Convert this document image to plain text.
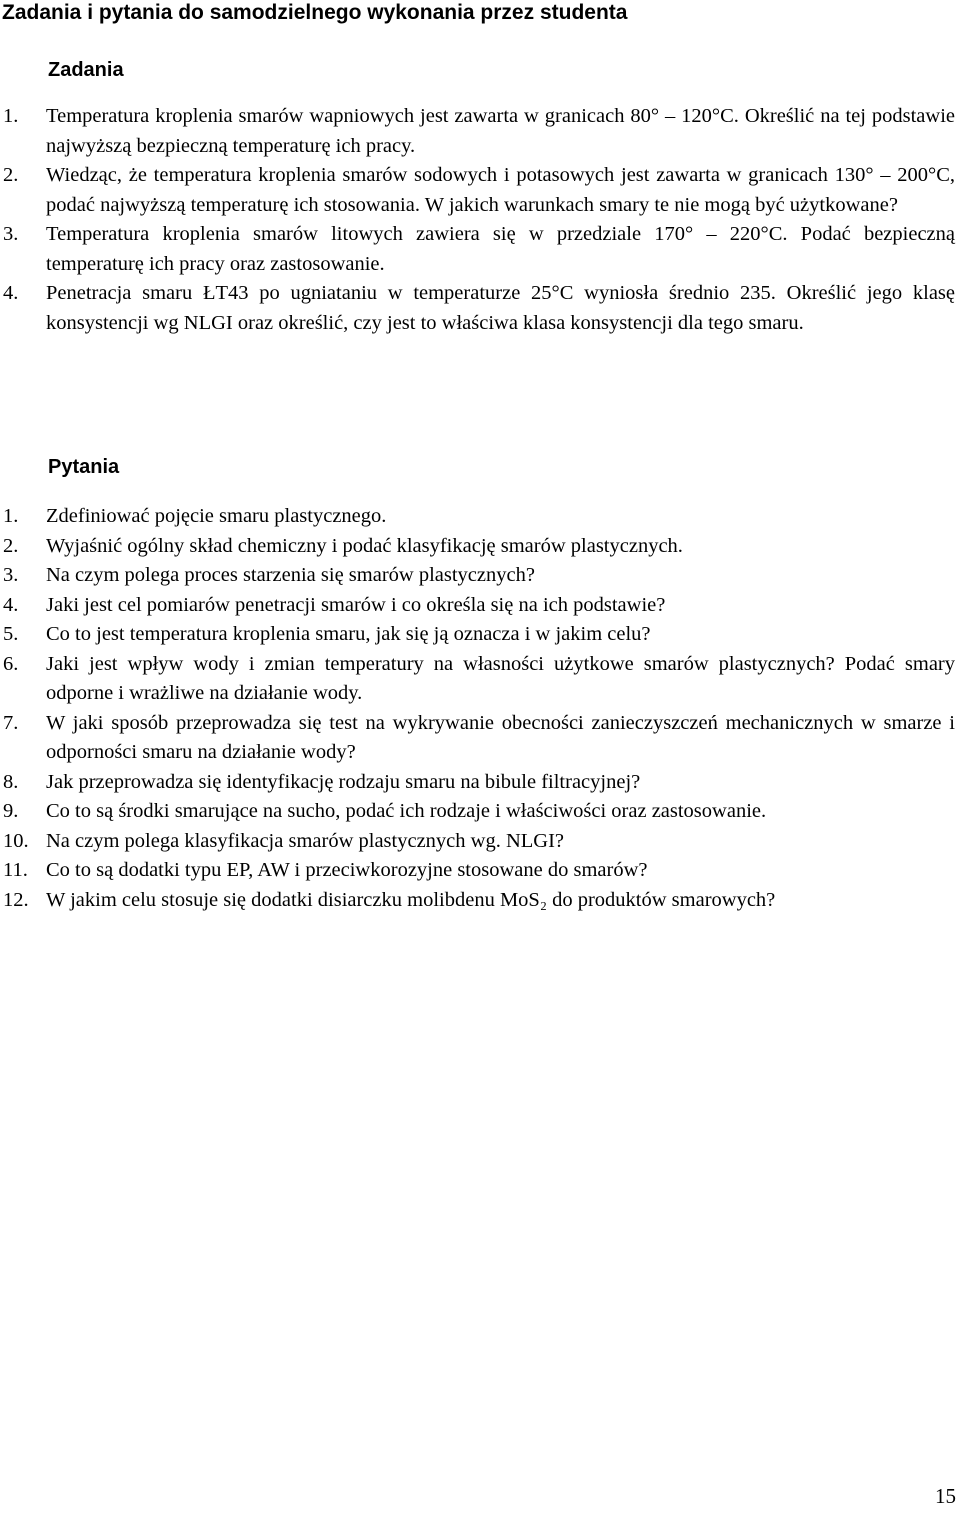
Zadania i pytania do samodzielnego wykonania przez studenta
Zadania
1.	Temperatura kroplenia smarów wapniowych jest zawarta w granicach 80° – 120°C. Określić na tej podstawie najwyższą bezpieczną temperaturę ich pracy.
2.	Wiedząc, że temperatura kroplenia smarów sodowych i potasowych jest zawarta w granicach 130° – 200°C, podać najwyższą temperaturę ich stosowania. W jakich warunkach smary te nie mogą być użytkowane?
3.	Temperatura kroplenia smarów litowych zawiera się w przedziale 170° – 220°C. Podać bezpieczną temperaturę ich pracy oraz zastosowanie.
4.	Penetracja smaru ŁT43 po ugniataniu w temperaturze 25°C wyniosła średnio 235. Określić jego klasę konsystencji wg NLGI oraz określić, czy jest to właściwa klasa konsystencji dla tego smaru.
Pytania
1.	Zdefiniować pojęcie smaru plastycznego.
2.	Wyjaśnić ogólny skład chemiczny i podać klasyfikację smarów plastycznych.
3.	Na czym polega proces starzenia się smarów plastycznych?
4.	Jaki jest cel pomiarów penetracji smarów i co określa się na ich podstawie?
5.	Co to jest temperatura kroplenia smaru, jak się ją oznacza i w jakim celu?
6.	Jaki jest wpływ wody i zmian temperatury na własności użytkowe smarów plastycznych? Podać smary odporne i wrażliwe na działanie wody.
7.	W jaki sposób przeprowadza się test na wykrywanie obecności zanieczyszczeń mechanicznych w smarze i odporności smaru na działanie wody?
8.	Jak przeprowadza się identyfikację rodzaju smaru na bibule filtracyjnej?
9.	Co to są środki smarujące na sucho, podać ich rodzaje i właściwości oraz zastosowanie.
10. Na czym polega klasyfikacja smarów plastycznych wg. NLGI?
11. Co to są dodatki typu EP, AW i przeciwkorozyjne stosowane do smarów?
12. W jakim celu stosuje się dodatki disiarczku molibdenu MoS₂ do produktów smarowych?
15
